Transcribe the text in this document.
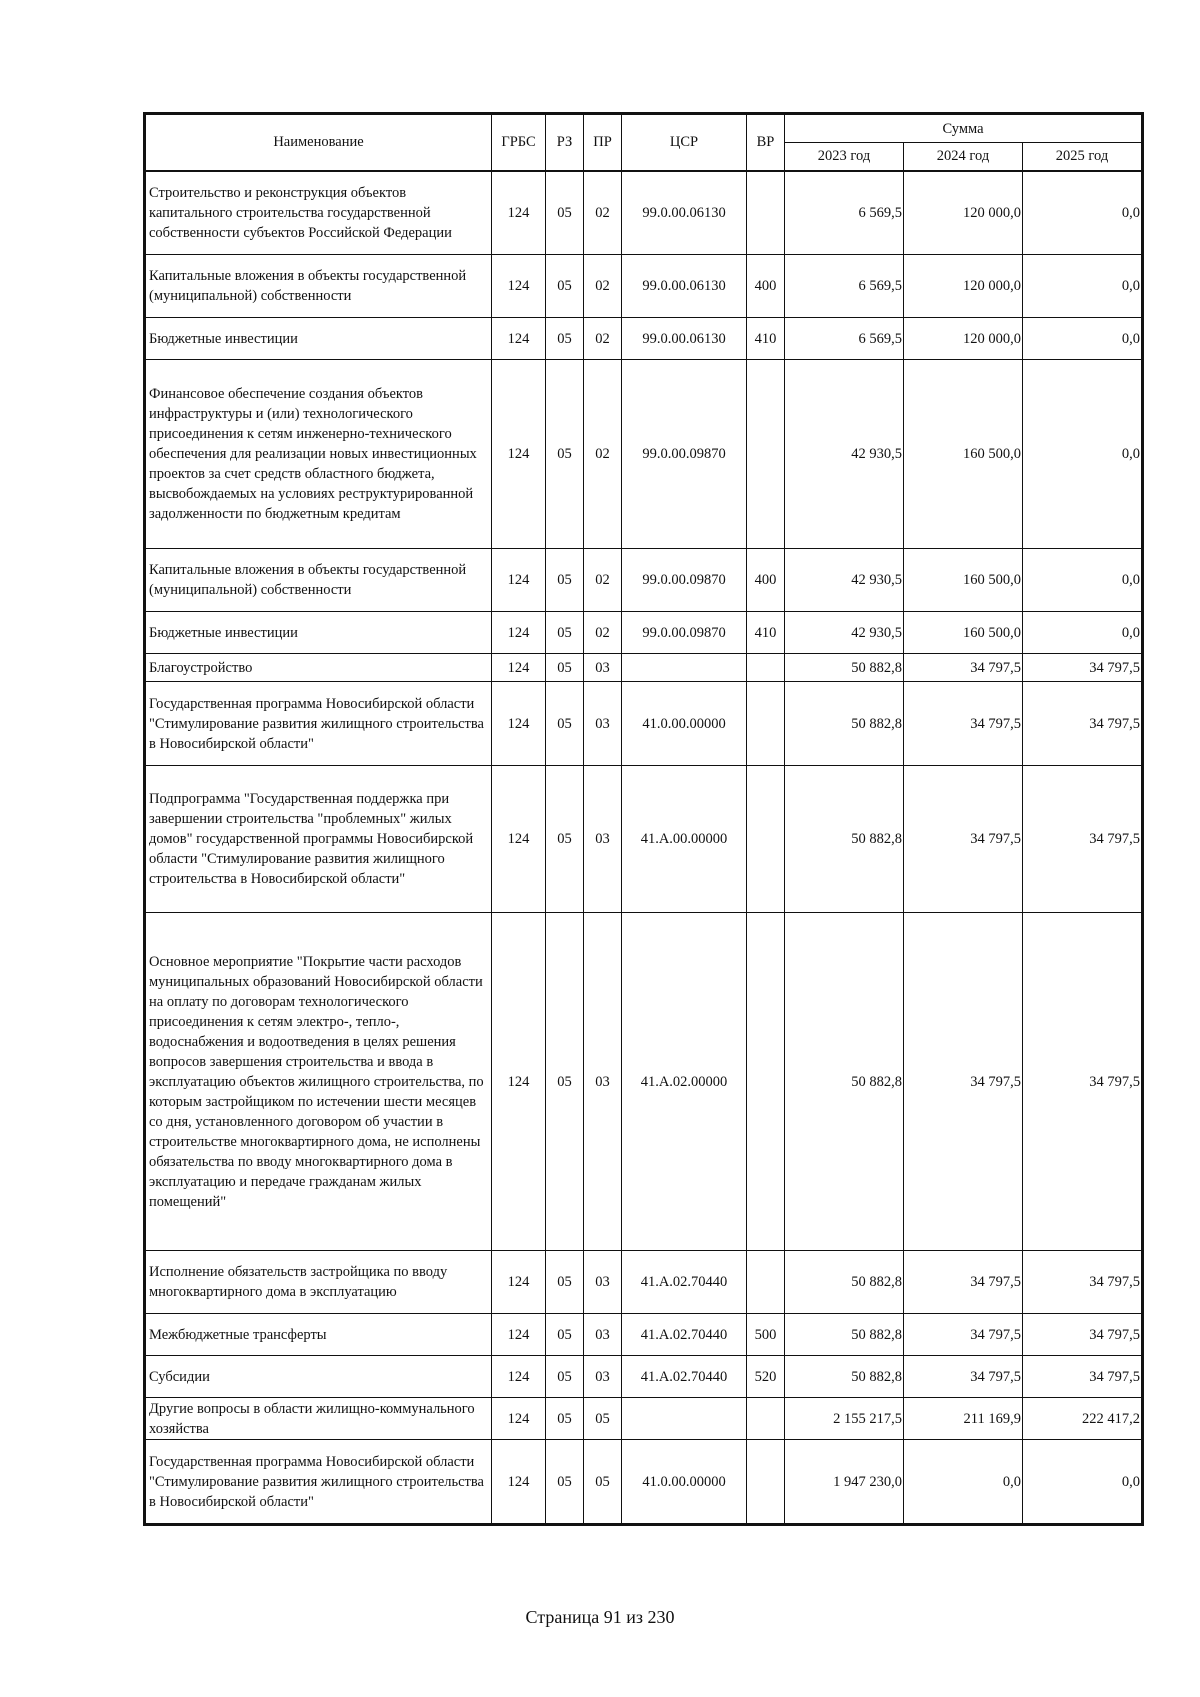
Наименование	ГРБС	РЗ	ПР	ЦСР	ВР	Сумма		
						2023 год	2024 год	2025 год
Строительство и реконструкция объектов капитального строительства государственной собственности субъектов Российской Федерации	124	05	02	99.0.00.06130		6 569,5	120 000,0	0,0
Капитальные вложения в объекты государственной (муниципальной) собственности	124	05	02	99.0.00.06130	400	6 569,5	120 000,0	0,0
Бюджетные инвестиции	124	05	02	99.0.00.06130	410	6 569,5	120 000,0	0,0
Финансовое обеспечение создания объектов инфраструктуры и (или) технологического присоединения к сетям инженерно-технического обеспечения для реализации новых инвестиционных проектов за счет средств областного бюджета, высвобождаемых на условиях реструктурированной задолженности по бюджетным кредитам	124	05	02	99.0.00.09870		42 930,5	160 500,0	0,0
Капитальные вложения в объекты государственной (муниципальной) собственности	124	05	02	99.0.00.09870	400	42 930,5	160 500,0	0,0
Бюджетные инвестиции	124	05	02	99.0.00.09870	410	42 930,5	160 500,0	0,0
Благоустройство	124	05	03			50 882,8	34 797,5	34 797,5
Государственная программа Новосибирской области "Стимулирование развития жилищного строительства в Новосибирской области"	124	05	03	41.0.00.00000		50 882,8	34 797,5	34 797,5
Подпрограмма "Государственная поддержка при завершении строительства "проблемных" жилых домов" государственной программы Новосибирской области "Стимулирование развития жилищного строительства в Новосибирской области"	124	05	03	41.А.00.00000		50 882,8	34 797,5	34 797,5
Основное мероприятие "Покрытие части расходов муниципальных образований Новосибирской области на оплату по договорам технологического присоединения к сетям электро-, тепло-, водоснабжения и водоотведения в целях решения вопросов завершения строительства и ввода в эксплуатацию объектов жилищного строительства, по которым застройщиком по истечении шести месяцев со дня, установленного договором об участии в строительстве многоквартирного дома, не исполнены обязательства по вводу многоквартирного дома в эксплуатацию и передаче гражданам жилых помещений"	124	05	03	41.А.02.00000		50 882,8	34 797,5	34 797,5
Исполнение обязательств застройщика по вводу многоквартирного дома в эксплуатацию	124	05	03	41.А.02.70440		50 882,8	34 797,5	34 797,5
Межбюджетные трансферты	124	05	03	41.А.02.70440	500	50 882,8	34 797,5	34 797,5
Субсидии	124	05	03	41.А.02.70440	520	50 882,8	34 797,5	34 797,5
Другие вопросы в области жилищно-коммунального хозяйства	124	05	05			2 155 217,5	211 169,9	222 417,2
Государственная программа Новосибирской области "Стимулирование развития жилищного строительства в Новосибирской области"	124	05	05	41.0.00.00000		1 947 230,0	0,0	0,0
Страница 91 из 230
